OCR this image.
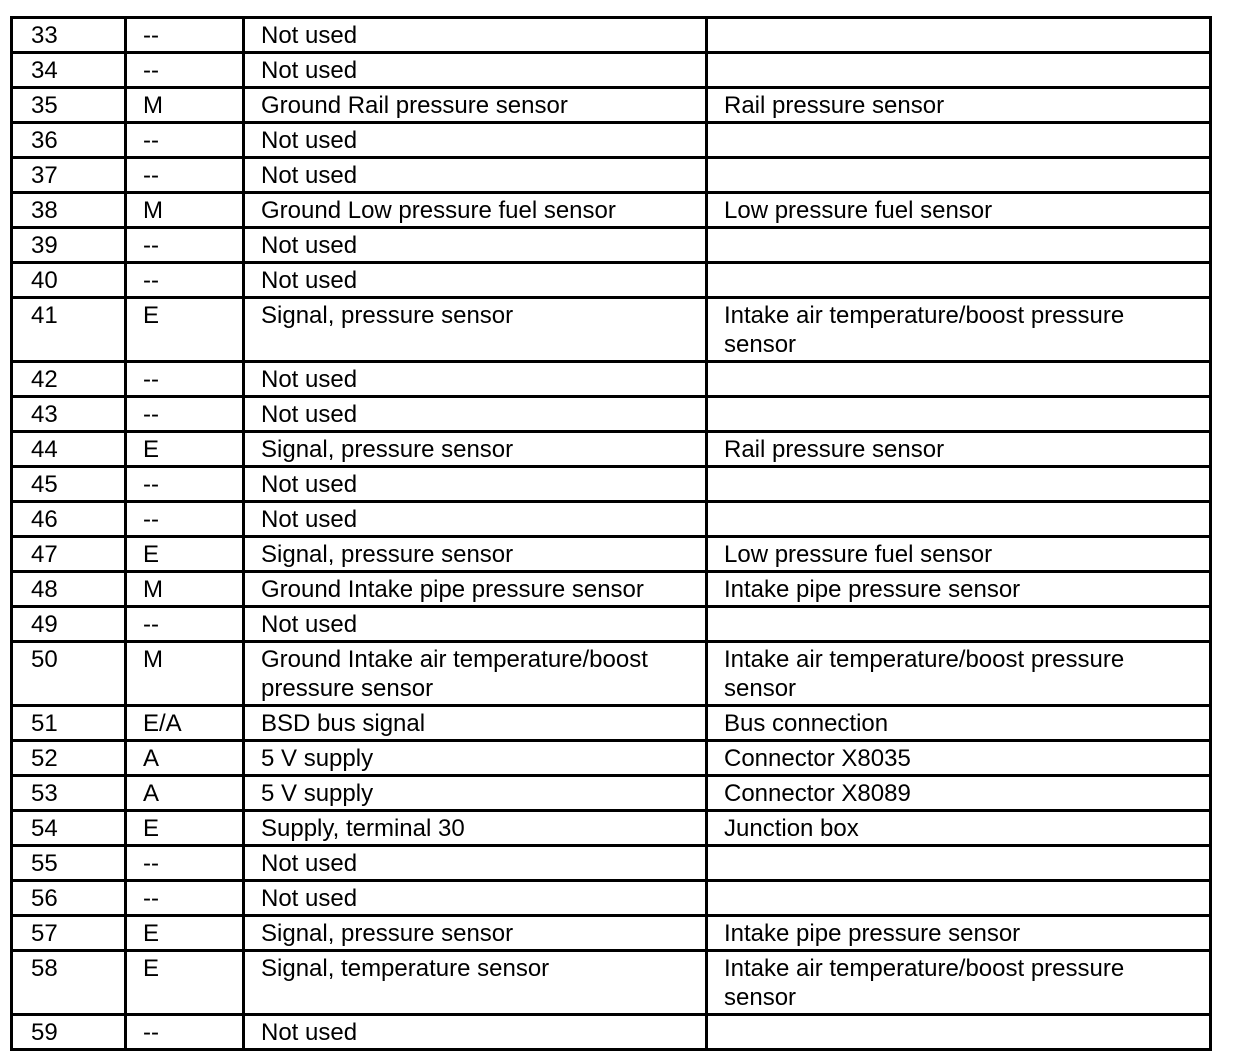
33	--	Not used	
34	--	Not used	
35	M	Ground Rail pressure sensor	Rail pressure sensor
36	--	Not used	
37	--	Not used	
38	M	Ground Low pressure fuel sensor	Low pressure fuel sensor
39	--	Not used	
40	--	Not used	
41	E	Signal, pressure sensor	Intake air temperature/boost pressure sensor
42	--	Not used	
43	--	Not used	
44	E	Signal, pressure sensor	Rail pressure sensor
45	--	Not used	
46	--	Not used	
47	E	Signal, pressure sensor	Low pressure fuel sensor
48	M	Ground Intake pipe pressure sensor	Intake pipe pressure sensor
49	--	Not used	
50	M	Ground Intake air temperature/boost pressure sensor	Intake air temperature/boost pressure sensor
51	E/A	BSD bus signal	Bus connection
52	A	5 V supply	Connector X8035
53	A	5 V supply	Connector X8089
54	E	Supply, terminal 30	Junction box
55	--	Not used	
56	--	Not used	
57	E	Signal, pressure sensor	Intake pipe pressure sensor
58	E	Signal, temperature sensor	Intake air temperature/boost pressure sensor
59	--	Not used	
